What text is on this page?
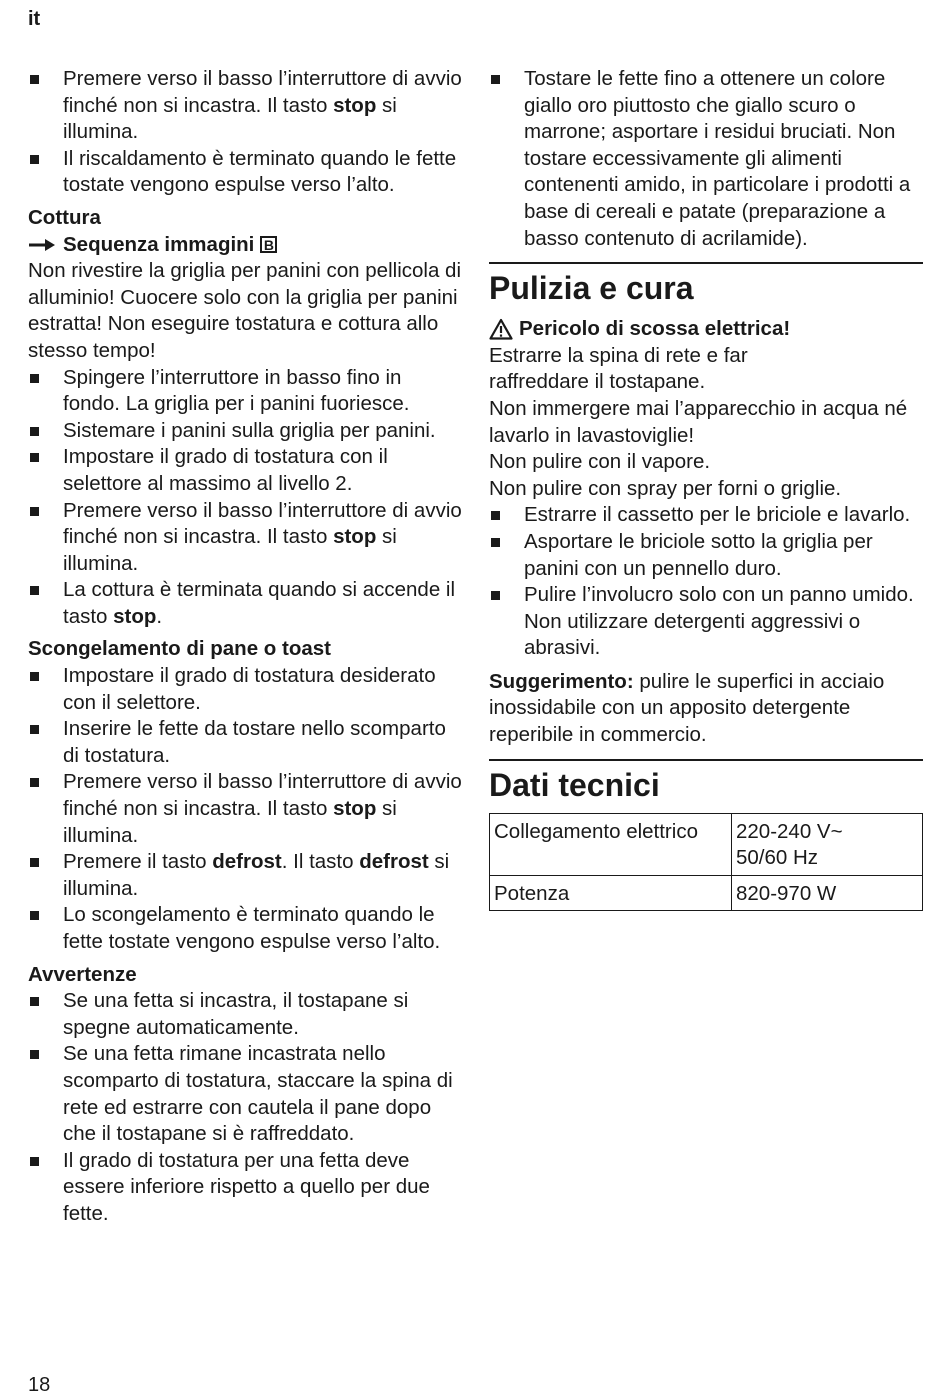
it
Premere verso il basso l’interruttore di avvio finché non si incastra. Il tasto stop si illumina.
Il riscaldamento è terminato quando le fette tostate vengono espulse verso l’alto.
Cottura
Sequenza immagini B

Non rivestire la griglia per panini con pellicola di alluminio! Cuocere solo con la griglia per panini estratta! Non eseguire tostatura e cottura allo stesso tempo!

Spingere l’interruttore in basso fino in fondo. La griglia per i panini fuoriesce.
Sistemare i panini sulla griglia per panini.
Impostare il grado di tostatura con il selettore al massimo al livello 2.
Premere verso il basso l’interruttore di avvio finché non si incastra. Il tasto stop si illumina.
La cottura è terminata quando si accende il tasto stop.
Scongelamento di pane o toast
Impostare il grado di tostatura desiderato con il selettore.
Inserire le fette da tostare nello scomparto di tostatura.
Premere verso il basso l’interruttore di avvio finché non si incastra. Il tasto stop si illumina.
Premere il tasto defrost. Il tasto defrost si illumina.
Lo scongelamento è terminato quando le fette tostate vengono espulse verso l’alto.
Avvertenze
Se una fetta si incastra, il tostapane si spegne automaticamente.
Se una fetta rimane incastrata nello scomparto di tostatura, staccare la spina di rete ed estrarre con cautela il pane dopo che il tostapane si è raffreddato.
Il grado di tostatura per una fetta deve essere inferiore rispetto a quello per due fette.
Tostare le fette fino a ottenere un colore giallo oro piuttosto che giallo scuro o marrone; asportare i residui bruciati. Non tostare eccessivamente gli alimenti contenenti amido, in particolare i prodotti a base di cereali e patate (preparazione a basso contenuto di acrilamide).
Pulizia e cura
Pericolo di scossa elettrica!

Estrarre la spina di rete e far raffreddare il tostapane.

Non immergere mai l’apparecchio in acqua né lavarlo in lavastoviglie!

Non pulire con il vapore.

Non pulire con spray per forni o griglie.

Estrarre il cassetto per le briciole e lavarlo.
Asportare le briciole sotto la griglia per panini con un pennello duro.
Pulire l’involucro solo con un panno umido. Non utilizzare detergenti aggressivi o abrasivi.

Suggerimento: pulire le superfici in acciaio inossidabile con un apposito detergente reperibile in commercio.

Dati tecnici
Collegamento elettrico	220-240 V~ 50/60 Hz
Potenza	820-970 W
18
